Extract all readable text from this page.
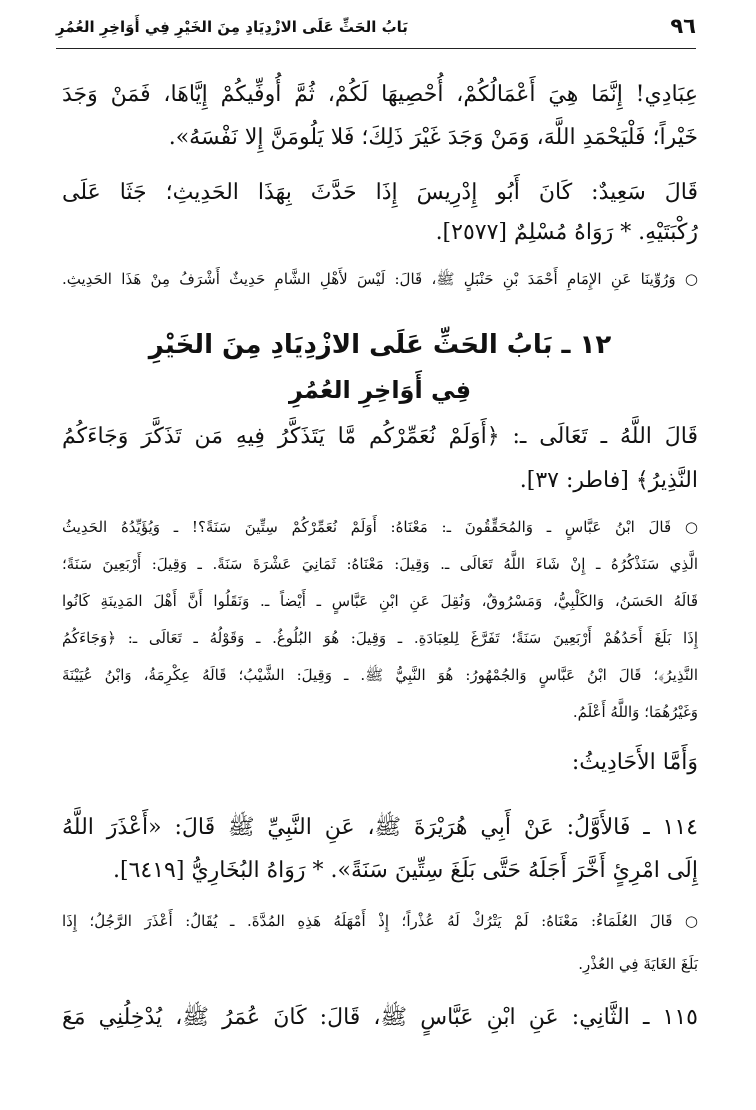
٩٦
بَابُ الحَثِّ عَلَى الازْدِيَادِ مِنَ الخَيْرِ فِي أَوَاخِرِ العُمُرِ
عِبَادِي! إِنَّمَا هِيَ أَعْمَالُكُمْ، أُحْصِيهَا لَكُمْ، ثُمَّ أُوفِّيكُمْ إِيَّاهَا، فَمَنْ وَجَدَ
خَيْراً؛ فَلْيَحْمَدِ اللَّهَ، وَمَنْ وَجَدَ غَيْرَ ذَلِكَ؛ فَلا يَلُومَنَّ إِلا نَفْسَهُ».
قَالَ سَعِيدٌ: كَانَ أَبُو إِدْرِيسَ إِذَا حَدَّثَ بِهَذَا الحَدِيثِ؛ جَثَا عَلَى
رُكْبَتَيْهِ. * رَوَاهُ مُسْلِمٌ [٢٥٧٧].
○ وَرُوِّينَا عَنِ الإِمَامِ أَحْمَدَ بْنِ حَنْبَلٍ ﷺ، قَالَ: لَيْسَ لأَهْلِ الشَّامِ حَدِيثٌ أَشْرَفُ مِنْ هَذَا الحَدِيثِ.
١٢ ـ بَابُ الحَثِّ عَلَى الازْدِيَادِ مِنَ الخَيْرِ
فِي أَوَاخِرِ العُمُرِ
قَالَ اللَّهُ ـ تَعَالَى ـ: ﴿أَوَلَمْ نُعَمِّرْكُم مَّا يَتَذَكَّرُ فِيهِ مَن تَذَكَّرَ وَجَاءَكُمُ
النَّذِيرُ﴾ [فاطر: ٣٧].
○ قَالَ ابْنُ عَبَّاسٍ ـ وَالمُحَقِّقُونَ ـ: مَعْنَاهُ: أَوَلَمْ نُعَمِّرْكُمْ سِتِّينَ سَنَةً؟! ـ وَيُؤَيِّدُهُ الحَدِيثُ
الَّذِي سَنَذْكُرُهُ ـ إِنْ شَاءَ اللَّهُ تَعَالَى ـ. وَقِيلَ: مَعْنَاهُ: ثَمَانِيَ عَشْرَةَ سَنَةً. ـ وَقِيلَ: أَرْبَعِينَ سَنَةً؛
قَالَهُ الحَسَنُ، وَالكَلْبِيُّ، وَمَسْرُوقٌ، وَنُقِلَ عَنِ ابْنِ عَبَّاسٍ ـ أَيْضاً ـ. وَنَقَلُوا أَنَّ أَهْلَ المَدِينَةِ كَانُوا
إِذَا بَلَغَ أَحَدُهُمْ أَرْبَعِينَ سَنَةً؛ تَفَرَّغَ لِلعِبَادَةِ. ـ وَقِيلَ: هُوَ البُلُوغُ. ـ وَقَوْلُهُ ـ تَعَالَى ـ: ﴿وَجَاءَكُمُ
النَّذِيرُ﴾؛ قَالَ ابْنُ عَبَّاسٍ وَالجُمْهُورُ: هُوَ النَّبِيُّ ﷺ. ـ وَقِيلَ: الشَّيْبُ؛ قَالَهُ عِكْرِمَةُ، وَابْنُ عُيَيْنَةَ
وَغَيْرُهُمَا؛ وَاللَّهُ أَعْلَمُ.
وَأَمَّا الأَحَادِيثُ:
١١٤ ـ فَالأَوَّلُ: عَنْ أَبِي هُرَيْرَةَ ﷺ، عَنِ النَّبِيِّ ﷺ قَالَ: «أَعْذَرَ اللَّهُ
إِلَى امْرِئٍ أَخَّرَ أَجَلَهُ حَتَّى بَلَغَ سِتِّينَ سَنَةً». * رَوَاهُ البُخَارِيُّ [٦٤١٩].
○ قَالَ العُلَمَاءُ: مَعْنَاهُ: لَمْ يَتْرُكْ لَهُ عُذْراً؛ إِذْ أَمْهَلَهُ هَذِهِ المُدَّةَ. ـ يُقَالُ: أَعْذَرَ الرَّجُلُ؛ إِذَا
بَلَغَ الغَايَةَ فِي العُذْرِ.
١١٥ ـ الثَّانِي: عَنِ ابْنِ عَبَّاسٍ ﷺ، قَالَ: كَانَ عُمَرُ ﷺ، يُدْخِلُنِي مَعَ
